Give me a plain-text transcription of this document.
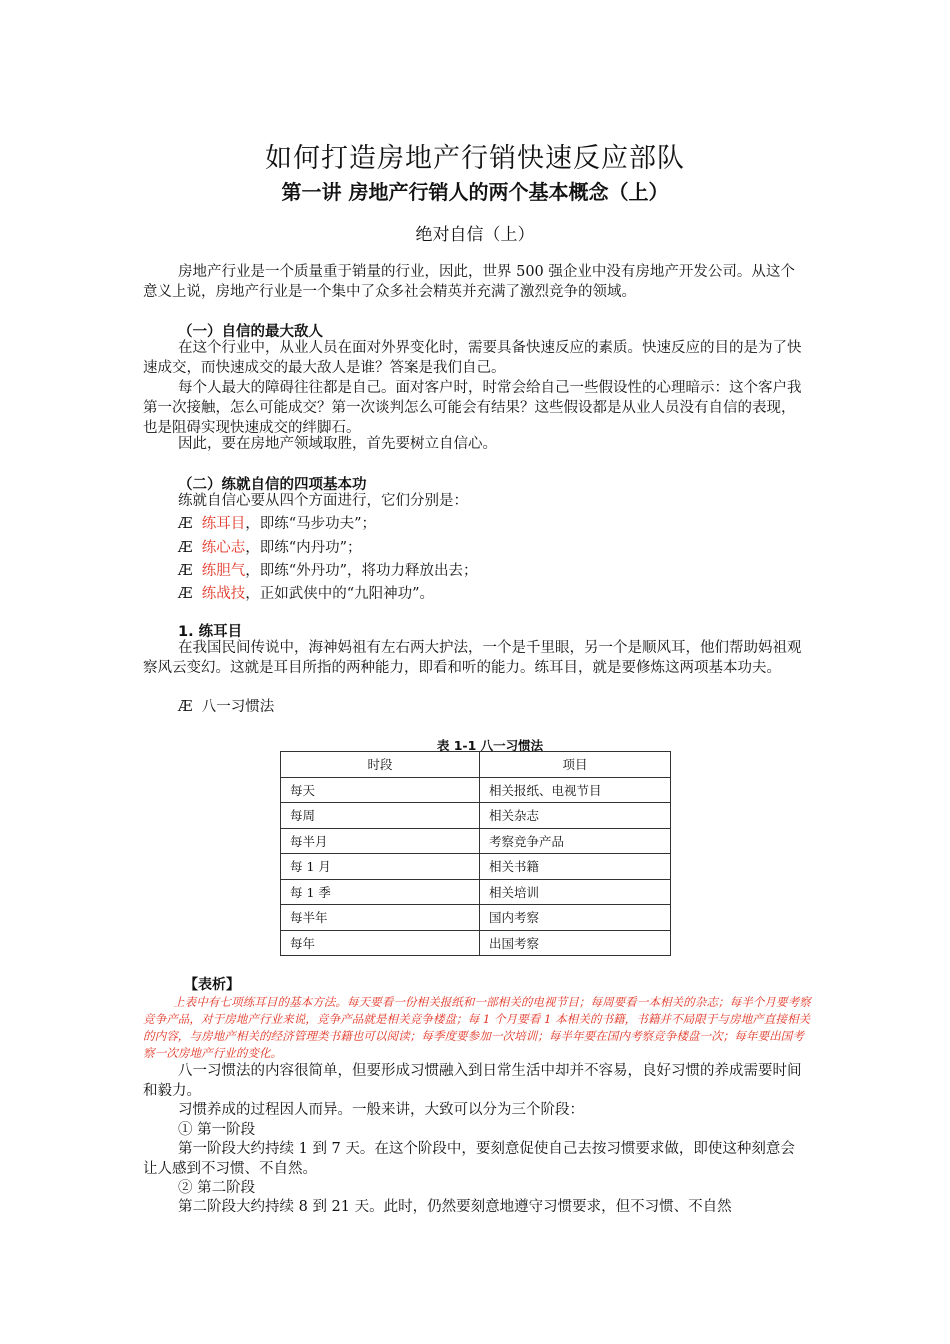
如何打造房地产行销快速反应部队
第一讲 房地产行销人的两个基本概念（上）
绝对自信（上）
房地产行业是一个质量重于销量的行业，因此，世界 500 强企业中没有房地产开发公司。从这个意义上说，房地产行业是一个集中了众多社会精英并充满了激烈竞争的领域。
（一）自信的最大敌人
在这个行业中，从业人员在面对外界变化时，需要具备快速反应的素质。快速反应的目的是为了快速成交，而快速成交的最大敌人是谁？答案是我们自己。
每个人最大的障碍往往都是自己。面对客户时，时常会给自己一些假设性的心理暗示：这个客户我第一次接触，怎么可能成交？第一次谈判怎么可能会有结果？这些假设都是从业人员没有自信的表现，也是阻碍实现快速成交的绊脚石。
因此，要在房地产领域取胜，首先要树立自信心。
（二）练就自信的四项基本功
练就自信心要从四个方面进行，它们分别是：
Æ 练耳目，即练“马步功夫”；
Æ 练心志，即练“内丹功”；
Æ 练胆气，即练“外丹功”，将功力释放出去；
Æ 练战技，正如武侠中的“九阳神功”。
1. 练耳目
在我国民间传说中，海神妈祖有左右两大护法，一个是千里眼，另一个是顺风耳，他们帮助妈祖观察风云变幻。这就是耳目所指的两种能力，即看和听的能力。练耳目，就是要修炼这两项基本功夫。
Æ 八一习惯法
表 1-1 八一习惯法
时段	项目
每天	相关报纸、电视节目
每周	相关杂志
每半月	考察竞争产品
每 1 月	相关书籍
每 1 季	相关培训
每半年	国内考察
每年	出国考察
【表析】
上表中有七项练耳目的基本方法。每天要看一份相关报纸和一部相关的电视节目；每周要看一本相关的杂志；每半个月要考察竞争产品，对于房地产行业来说，竞争产品就是相关竞争楼盘；每 1 个月要看 1 本相关的书籍，书籍并不局限于与房地产直接相关的内容，与房地产相关的经济管理类书籍也可以阅读；每季度要参加一次培训；每半年要在国内考察竞争楼盘一次；每年要出国考察一次房地产行业的变化。
八一习惯法的内容很简单，但要形成习惯融入到日常生活中却并不容易，良好习惯的养成需要时间和毅力。
习惯养成的过程因人而异。一般来讲，大致可以分为三个阶段：
① 第一阶段
第一阶段大约持续 1 到 7 天。在这个阶段中，要刻意促使自己去按习惯要求做，即使这种刻意会让人感到不习惯、不自然。
② 第二阶段
第二阶段大约持续 8 到 21 天。此时，仍然要刻意地遵守习惯要求，但不习惯、不自然
